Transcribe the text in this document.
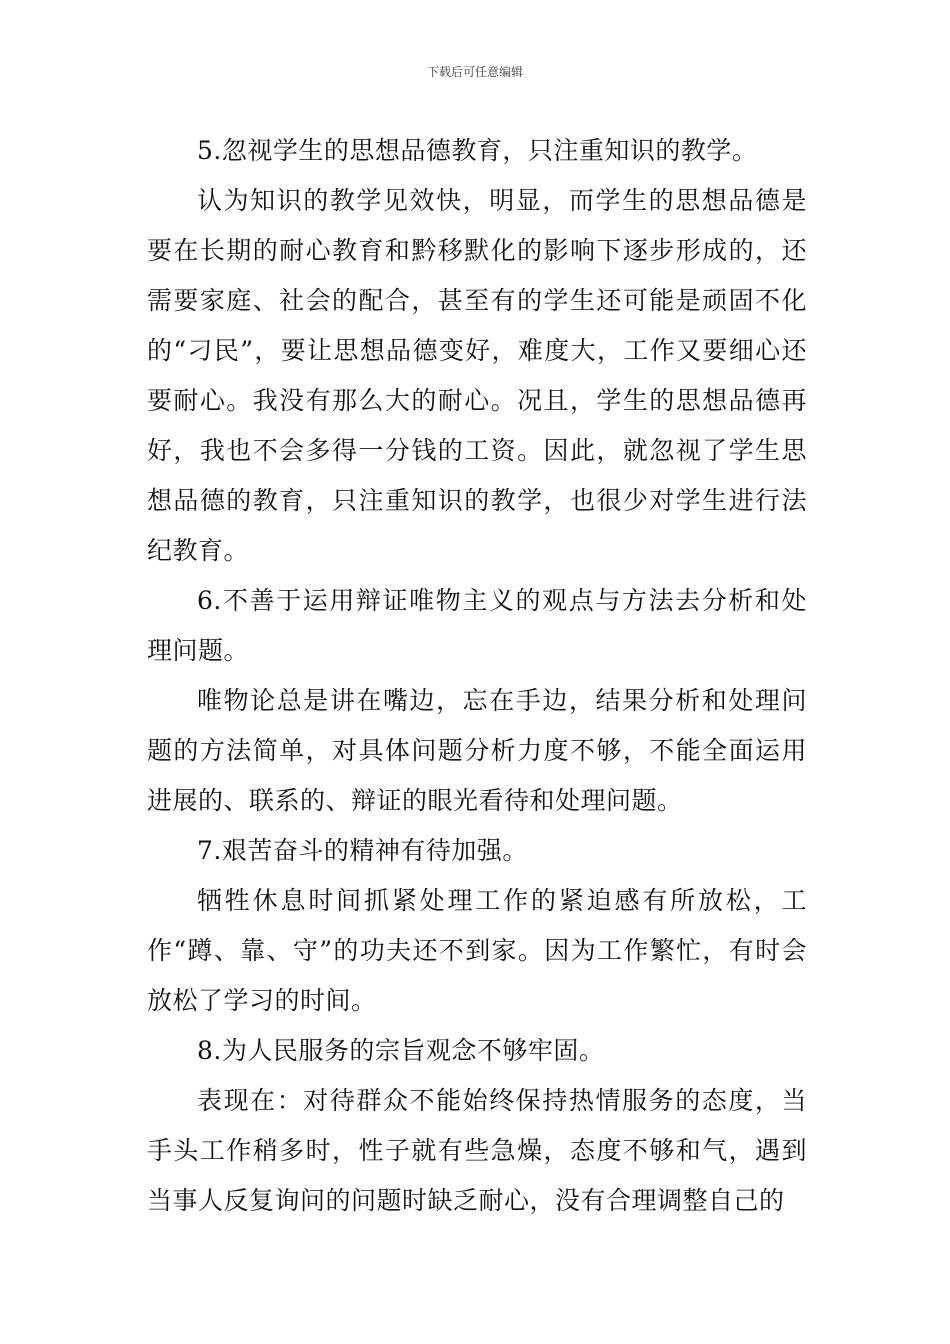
下载后可任意编辑

5.忽视学生的思想品德教育，只注重知识的教学。

认为知识的教学见效快，明显，而学生的思想品德是要在长期的耐心教育和黔移默化的影响下逐步形成的，还需要家庭、社会的配合，甚至有的学生还可能是顽固不化的“刁民”，要让思想品德变好，难度大，工作又要细心还要耐心。我没有那么大的耐心。况且，学生的思想品德再好，我也不会多得一分钱的工资。因此，就忽视了学生思想品德的教育，只注重知识的教学，也很少对学生进行法纪教育。

6.不善于运用辩证唯物主义的观点与方法去分析和处理问题。

唯物论总是讲在嘴边，忘在手边，结果分析和处理问题的方法简单，对具体问题分析力度不够，不能全面运用进展的、联系的、辩证的眼光看待和处理问题。

7.艰苦奋斗的精神有待加强。

牺牲休息时间抓紧处理工作的紧迫感有所放松，工作“蹲、靠、守”的功夫还不到家。因为工作繁忙，有时会放松了学习的时间。

8.为人民服务的宗旨观念不够牢固。

表现在：对待群众不能始终保持热情服务的态度，当手头工作稍多时，性子就有些急燥，态度不够和气，遇到当事人反复询问的问题时缺乏耐心，没有合理调整自己的
